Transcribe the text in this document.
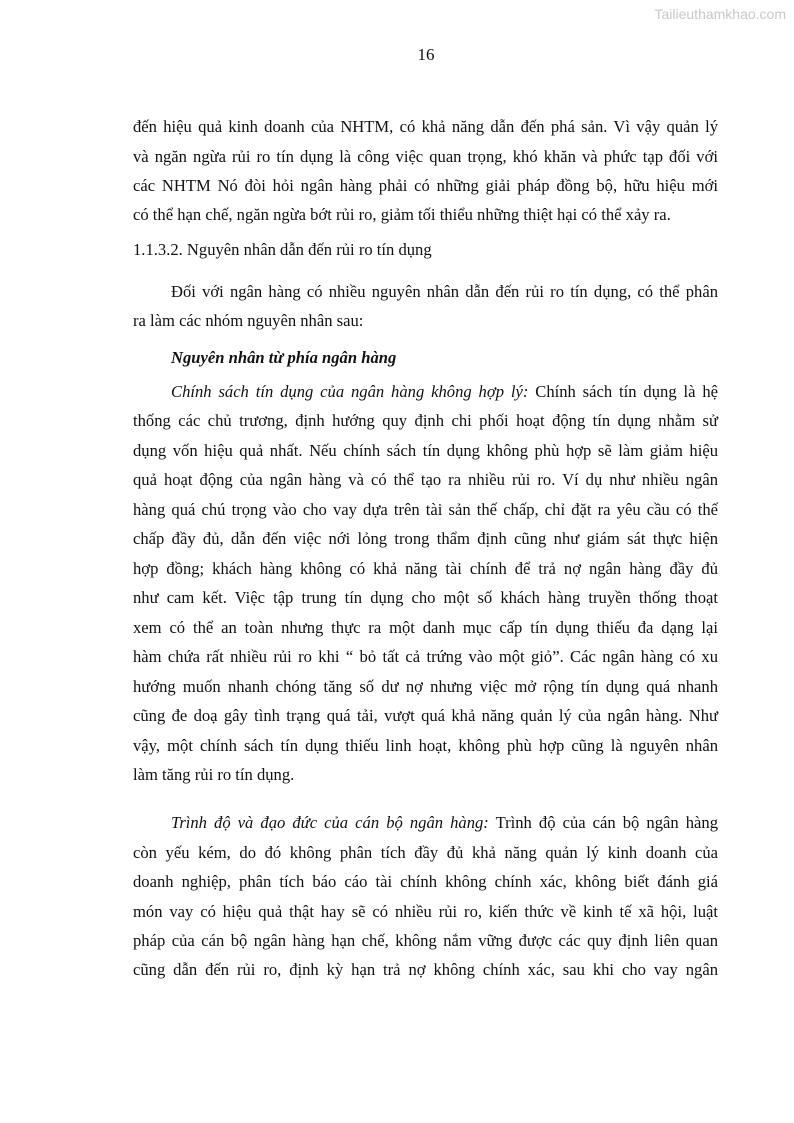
Tailieuthamkhao.com
16
đến hiệu quả kinh doanh của NHTM, có khả năng dẫn đến phá sản. Vì vậy quản lý
và ngăn ngừa rủi ro tín dụng là công việc quan trọng, khó khăn và phức tạp đối với
các NHTM Nó đòi hỏi ngân hàng phải có những giải pháp đồng bộ, hữu hiệu mới
có thể hạn chế, ngăn ngừa bớt rủi ro, giảm tối thiểu những thiệt hại có thể xảy ra.
1.1.3.2. Nguyên nhân dẫn đến rủi ro tín dụng
Đối với ngân hàng có nhiều nguyên nhân dẫn đến rủi ro tín dụng, có thể phân
ra làm các nhóm nguyên nhân sau:
Nguyên nhân từ phía ngân hàng
Chính sách tín dụng của ngân hàng không hợp lý: Chính sách tín dụng là hệ
thống các chủ trương, định hướng quy định chi phối hoạt động tín dụng nhằm sử
dụng vốn hiệu quả nhất. Nếu chính sách tín dụng không phù hợp sẽ làm giảm hiệu
quả hoạt động của ngân hàng và có thể tạo ra nhiều rủi ro. Ví dụ như nhiều ngân
hàng quá chú trọng vào cho vay dựa trên tài sản thế chấp, chỉ đặt ra yêu cầu có thế
chấp đầy đủ, dẫn đến việc nới lỏng trong thẩm định cũng như giám sát thực hiện
hợp đồng; khách hàng không có khả năng tài chính để trả nợ ngân hàng đầy đủ
như cam kết. Việc tập trung tín dụng cho một số khách hàng truyền thống thoạt
xem có thể an toàn nhưng thực ra một danh mục cấp tín dụng thiếu đa dạng lại
hàm chứa rất nhiều rủi ro khi “ bỏ tất cả trứng vào một giỏ”. Các ngân hàng có xu
hướng muốn nhanh chóng tăng số dư nợ nhưng việc mở rộng tín dụng quá nhanh
cũng đe doạ gây tình trạng quá tải, vượt quá khả năng quản lý của ngân hàng. Như
vậy, một chính sách tín dụng thiếu linh hoạt, không phù hợp cũng là nguyên nhân
làm tăng rủi ro tín dụng.
Trình độ và đạo đức của cán bộ ngân hàng: Trình độ của cán bộ ngân hàng
còn yếu kém, do đó không phân tích đầy đủ khả năng quản lý kinh doanh của
doanh nghiệp, phân tích báo cáo tài chính không chính xác, không biết đánh giá
món vay có hiệu quả thật hay sẽ có nhiều rủi ro, kiến thức về kinh tế xã hội, luật
pháp của cán bộ ngân hàng hạn chế, không nắm vững được các quy định liên quan
cũng dẫn đến rủi ro, định kỳ hạn trả nợ không chính xác, sau khi cho vay ngân
